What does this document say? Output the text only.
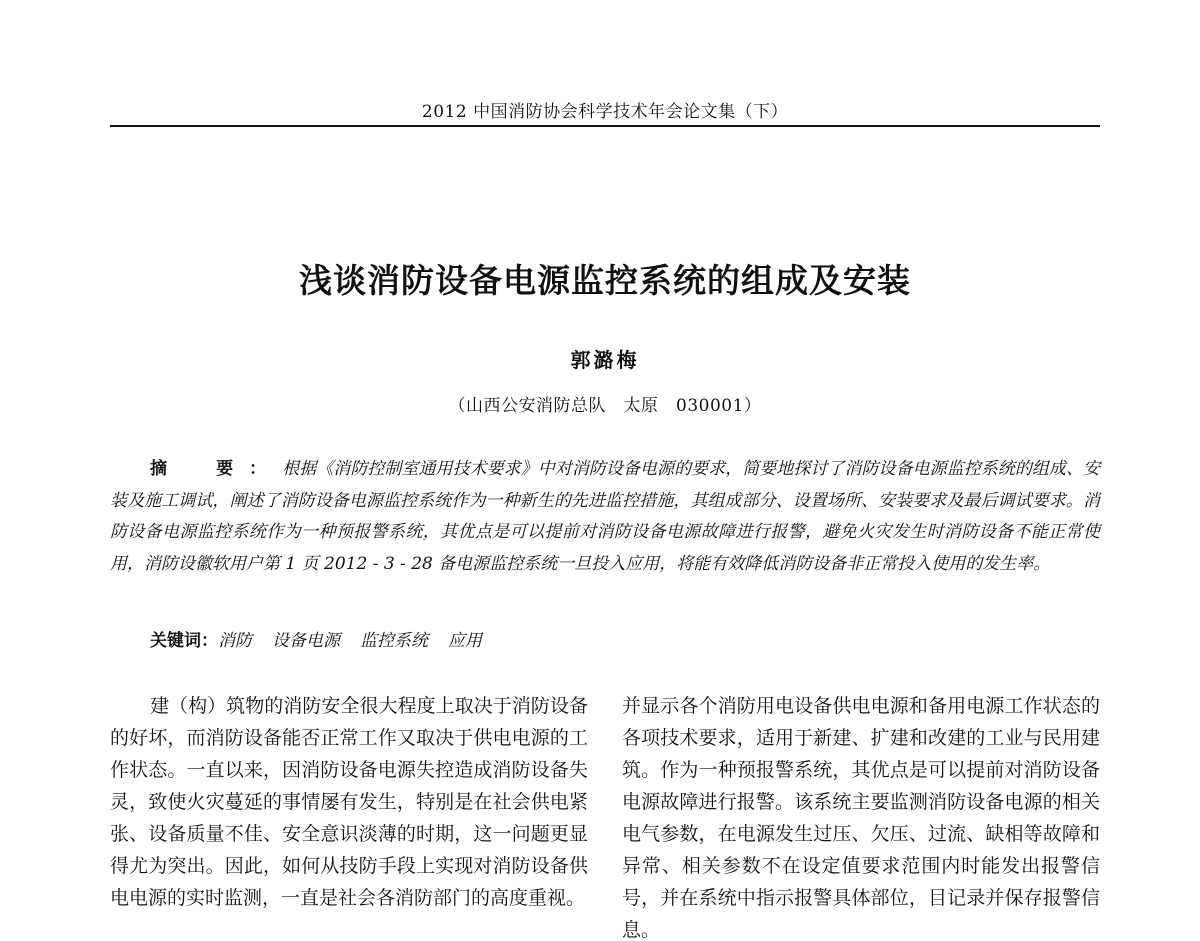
2012 中国消防协会科学技术年会论文集（下）
浅谈消防设备电源监控系统的组成及安装
郭潞梅
（山西公安消防总队　太原　030001）

摘　要：根据《消防控制室通用技术要求》中对消防设备电源的要求，简要地探讨了消防设备电源监控系统的组成、安装及施工调试，阐述了消防设备电源监控系统作为一种新生的先进监控措施，其组成部分、设置场所、安装要求及最后调试要求。消防设备电源监控系统作为一种预报警系统，其优点是可以提前对消防设备电源故障进行报警，避免火灾发生时消防设备不能正常使用，消防设徽软用户第 1 页 2012 - 3 - 28 备电源监控系统一旦投入应用，将能有效降低消防设备非正常投入使用的发生率。

关键词：消防 设备电源 监控系统 应用

建（构）筑物的消防安全很大程度上取决于消防设备的好坏，而消防设备能否正常工作又取决于供电电源的工作状态。一直以来，因消防设备电源失控造成消防设备失灵，致使火灾蔓延的事情屡有发生，特别是在社会供电紧张、设备质量不佳、安全意识淡薄的时期，这一问题更显得尤为突出。因此，如何从技防手段上实现对消防设备供电电源的实时监测，一直是社会各消防部门的高度重视。

并显示各个消防用电设备供电电源和备用电源工作状态的各项技术要求，适用于新建、扩建和改建的工业与民用建筑。作为一种预报警系统，其优点是可以提前对消防设备电源故障进行报警。该系统主要监测消防设备电源的相关电气参数，在电源发生过压、欠压、过流、缺相等故障和异常、相关参数不在设定值要求范围内时能发出报警信号，并在系统中指示报警具体部位，目记录并保存报警信息。
